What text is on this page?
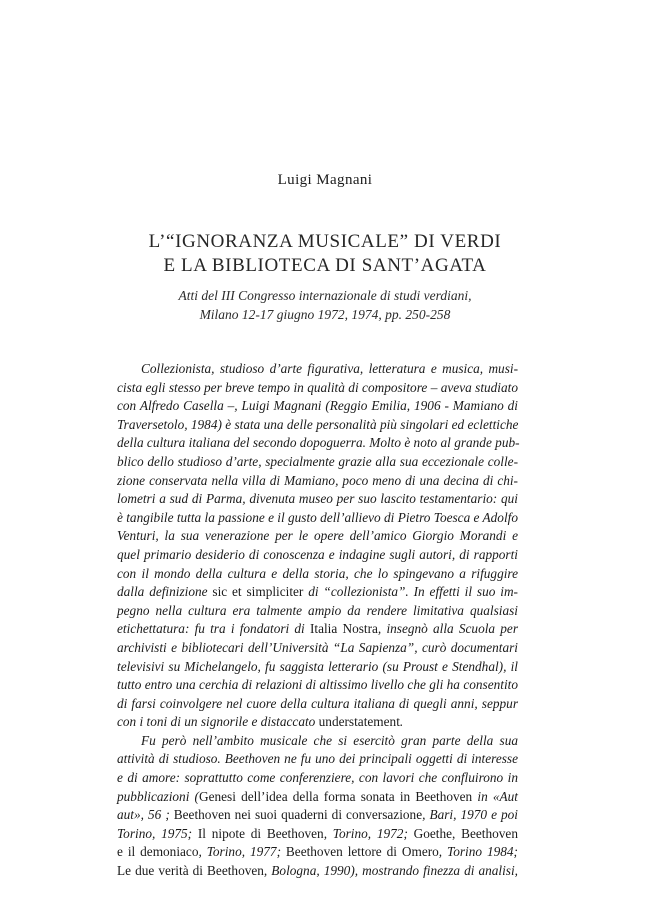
Luigi Magnani
L’“IGNORANZA MUSICALE” DI VERDI
E LA BIBLIOTECA DI SANT’AGATA
Atti del III Congresso internazionale di studi verdiani,
Milano 12-17 giugno 1972, 1974, pp. 250-258
Collezionista, studioso d’arte figurativa, letteratura e musica, musi-
cista egli stesso per breve tempo in qualità di compositore – aveva studiato
con Alfredo Casella –, Luigi Magnani (Reggio Emilia, 1906 - Mamiano di
Traversetolo, 1984) è stata una delle personalità più singolari ed eclettiche
della cultura italiana del secondo dopoguerra. Molto è noto al grande pub-
blico dello studioso d’arte, specialmente grazie alla sua eccezionale colle-
zione conservata nella villa di Mamiano, poco meno di una decina di chi-
lometri a sud di Parma, divenuta museo per suo lascito testamentario: qui
è tangibile tutta la passione e il gusto dell’allievo di Pietro Toesca e Adolfo
Venturi, la sua venerazione per le opere dell’amico Giorgio Morandi e
quel primario desiderio di conoscenza e indagine sugli autori, di rapporti
con il mondo della cultura e della storia, che lo spingevano a rifuggire
dalla definizione sic et simpliciter di “collezionista”. In effetti il suo im-
pegno nella cultura era talmente ampio da rendere limitativa qualsiasi
etichettatura: fu tra i fondatori di Italia Nostra, insegnò alla Scuola per
archivisti e bibliotecari dell’Università “La Sapienza”, curò documentari
televisivi su Michelangelo, fu saggista letterario (su Proust e Stendhal), il
tutto entro una cerchia di relazioni di altissimo livello che gli ha consentito
di farsi coinvolgere nel cuore della cultura italiana di quegli anni, seppur
con i toni di un signorile e distaccato understatement.
Fu però nell’ambito musicale che si esercitò gran parte della sua
attività di studioso. Beethoven ne fu uno dei principali oggetti di interesse
e di amore: soprattutto come conferenziere, con lavori che confluirono in
pubblicazioni (Genesi dell’idea della forma sonata in Beethoven in «Aut
aut», 56 ; Beethoven nei suoi quaderni di conversazione, Bari, 1970 e poi
Torino, 1975; Il nipote di Beethoven, Torino, 1972; Goethe, Beethoven
e il demoniaco, Torino, 1977; Beethoven lettore di Omero, Torino 1984;
Le due verità di Beethoven, Bologna, 1990), mostrando finezza di analisi,
